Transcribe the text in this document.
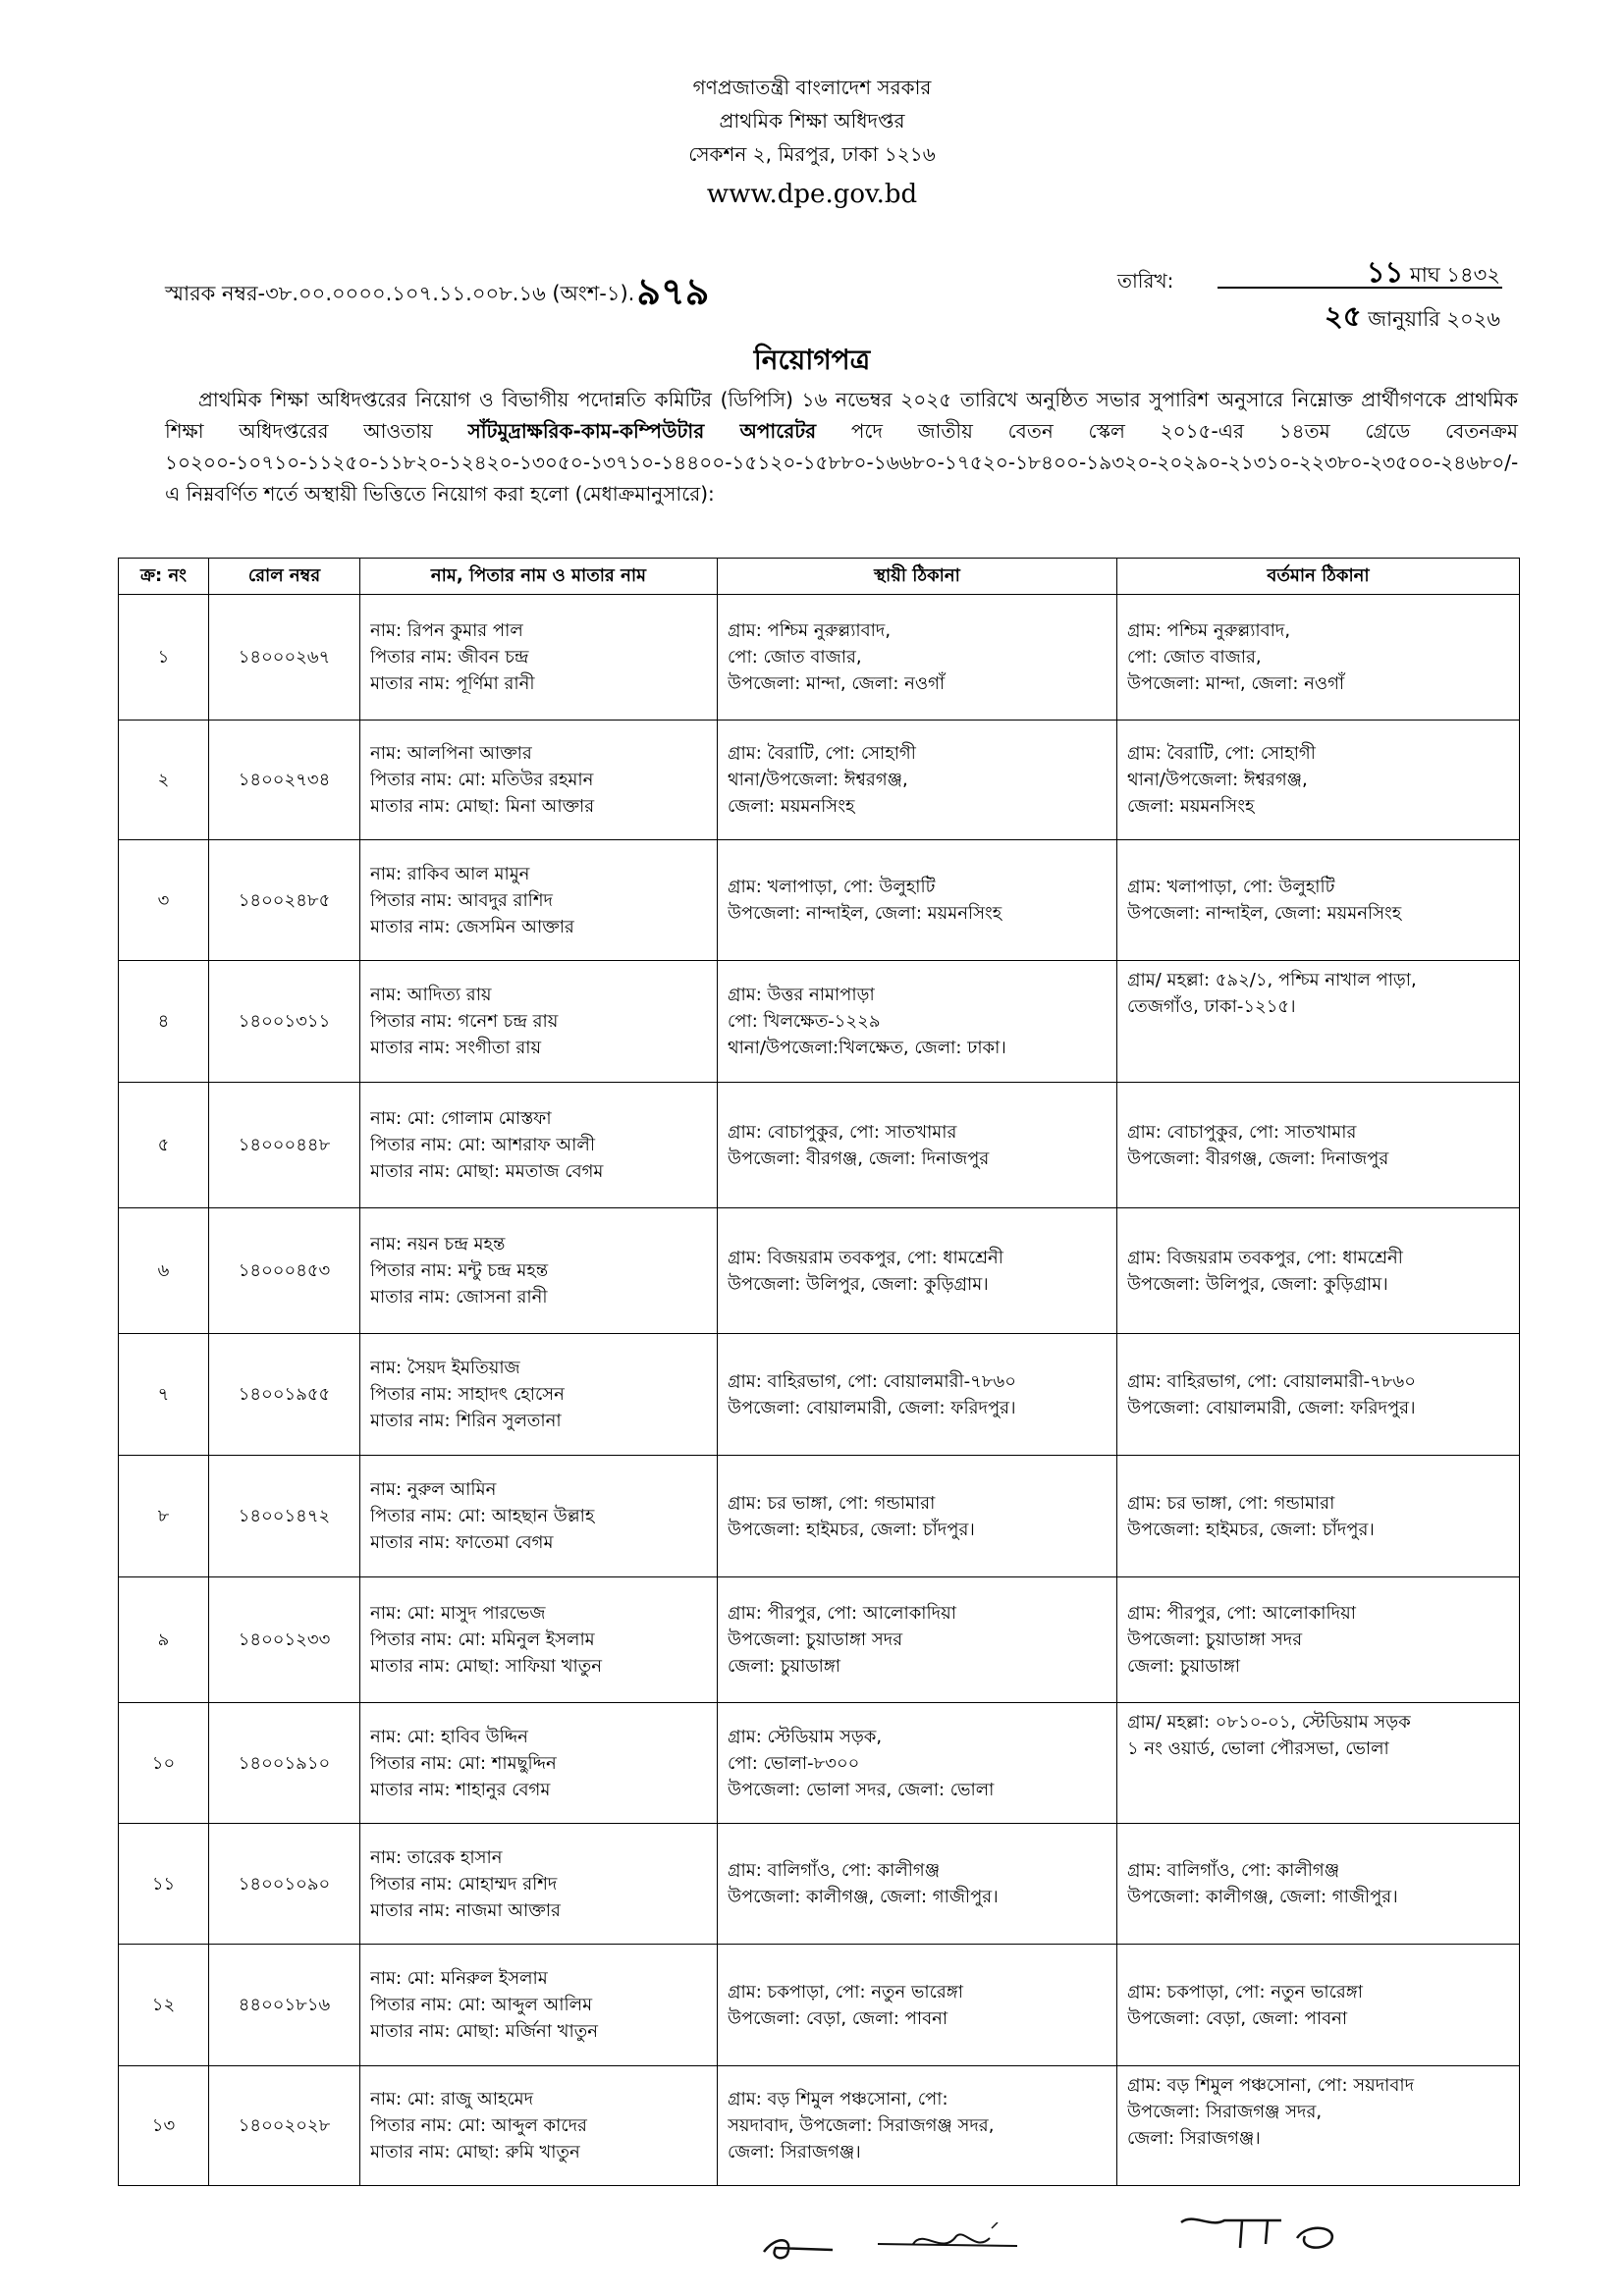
গণপ্রজাতন্ত্রী বাংলাদেশ সরকার
প্রাথমিক শিক্ষা অধিদপ্তর
সেকশন ২, মিরপুর, ঢাকা ১২১৬
www.dpe.gov.bd
স্মারক নম্বর-৩৮.০০.০০০০.১০৭.১১.০০৮.১৬ (অংশ-১).৯৭৯	তারিখ:	১১ মাঘ ১৪৩২
২৫ জানুয়ারি ২০২৬
নিয়োগপত্র
প্রাথমিক শিক্ষা অধিদপ্তরের নিয়োগ ও বিভাগীয় পদোন্নতি কমিটির (ডিপিসি) ১৬ নভেম্বর ২০২৫ তারিখে অনুষ্ঠিত সভার সুপারিশ অনুসারে নিম্নোক্ত প্রার্থীগণকে প্রাথমিক শিক্ষা অধিদপ্তরের আওতায় সাঁটমুদ্রাক্ষরিক-কাম-কম্পিউটার অপারেটর পদে জাতীয় বেতন স্কেল ২০১৫-এর ১৪তম গ্রেডে বেতনক্রম ১০২০০-১০৭১০-১১২৫০-১১৮২০-১২৪২০-১৩০৫০-১৩৭১০-১৪৪০০-১৫১২০-১৫৮৮০-১৬৬৮০-১৭৫২০-১৮৪০০-১৯৩২০-২০২৯০-২১৩১০-২২৩৮০-২৩৫০০-২৪৬৮০/-এ নিম্নবর্ণিত শর্তে অস্থায়ী ভিত্তিতে নিয়োগ করা হলো (মেধাক্রমানুসারে):
ক্র: নং	রোল নম্বর	নাম, পিতার নাম ও মাতার নাম	স্থায়ী ঠিকানা	বর্তমান ঠিকানা
১	১৪০০০২৬৭	নাম: রিপন কুমার পাল
পিতার নাম: জীবন চন্দ্র
মাতার নাম: পূর্ণিমা রানী	গ্রাম: পশ্চিম নুরুল্ল্যাবাদ,
পো: জোত বাজার,
উপজেলা: মান্দা, জেলা: নওগাঁ	গ্রাম: পশ্চিম নুরুল্ল্যাবাদ,
পো: জোত বাজার,
উপজেলা: মান্দা, জেলা: নওগাঁ

২	১৪০০২৭৩৪	নাম: আলপিনা আক্তার
পিতার নাম: মো: মতিউর রহমান
মাতার নাম: মোছা: মিনা আক্তার	গ্রাম: বৈরাটি, পো: সোহাগী
থানা/উপজেলা: ঈশ্বরগঞ্জ,
জেলা: ময়মনসিংহ	গ্রাম: বৈরাটি, পো: সোহাগী
থানা/উপজেলা: ঈশ্বরগঞ্জ,
জেলা: ময়মনসিংহ

৩	১৪০০২৪৮৫	নাম: রাকিব আল মামুন
পিতার নাম: আবদুর রাশিদ
মাতার নাম: জেসমিন আক্তার	গ্রাম: খলাপাড়া, পো: উলুহাটি
উপজেলা: নান্দাইল, জেলা: ময়মনসিংহ	গ্রাম: খলাপাড়া, পো: উলুহাটি
উপজেলা: নান্দাইল, জেলা: ময়মনসিংহ

৪	১৪০০১৩১১	নাম: আদিত্য রায়
পিতার নাম: গনেশ চন্দ্র রায়
মাতার নাম: সংগীতা রায়	গ্রাম: উত্তর নামাপাড়া
পো: খিলক্ষেত-১২২৯
থানা/উপজেলা:খিলক্ষেত, জেলা: ঢাকা।	গ্রাম/ মহল্লা: ৫৯২/১, পশ্চিম নাখাল পাড়া,
তেজগাঁও, ঢাকা-১২১৫।

৫	১৪০০০৪৪৮	নাম: মো: গোলাম মোস্তফা
পিতার নাম: মো: আশরাফ আলী
মাতার নাম: মোছা: মমতাজ বেগম	গ্রাম: বোচাপুকুর, পো: সাতখামার
উপজেলা: বীরগঞ্জ, জেলা: দিনাজপুর	গ্রাম: বোচাপুকুর, পো: সাতখামার
উপজেলা: বীরগঞ্জ, জেলা: দিনাজপুর

৬	১৪০০০৪৫৩	নাম: নয়ন চন্দ্র মহন্ত
পিতার নাম: মন্টু চন্দ্র মহন্ত
মাতার নাম: জোসনা রানী	গ্রাম: বিজয়রাম তবকপুর, পো: ধামশ্রেনী
উপজেলা: উলিপুর, জেলা: কুড়িগ্রাম।	গ্রাম: বিজয়রাম তবকপুর, পো: ধামশ্রেনী
উপজেলা: উলিপুর, জেলা: কুড়িগ্রাম।

৭	১৪০০১৯৫৫	নাম: সৈয়দ ইমতিয়াজ
পিতার নাম: সাহাদৎ হোসেন
মাতার নাম: শিরিন সুলতানা	গ্রাম: বাহিরভাগ, পো: বোয়ালমারী-৭৮৬০
উপজেলা: বোয়ালমারী, জেলা: ফরিদপুর।	গ্রাম: বাহিরভাগ, পো: বোয়ালমারী-৭৮৬০
উপজেলা: বোয়ালমারী, জেলা: ফরিদপুর।

৮	১৪০০১৪৭২	নাম: নুরুল আমিন
পিতার নাম: মো: আহছান উল্লাহ
মাতার নাম: ফাতেমা বেগম	গ্রাম: চর ভাঙ্গা, পো: গন্ডামারা
উপজেলা: হাইমচর, জেলা: চাঁদপুর।	গ্রাম: চর ভাঙ্গা, পো: গন্ডামারা
উপজেলা: হাইমচর, জেলা: চাঁদপুর।

৯	১৪০০১২৩৩	নাম: মো: মাসুদ পারভেজ
পিতার নাম: মো: মমিনুল ইসলাম
মাতার নাম: মোছা: সাফিয়া খাতুন	গ্রাম: পীরপুর, পো: আলোকাদিয়া
উপজেলা: চুয়াডাঙ্গা সদর
জেলা: চুয়াডাঙ্গা	গ্রাম: পীরপুর, পো: আলোকাদিয়া
উপজেলা: চুয়াডাঙ্গা সদর
জেলা: চুয়াডাঙ্গা

১০	১৪০০১৯১০	নাম: মো: হাবিব উদ্দিন
পিতার নাম: মো: শামছুদ্দিন
মাতার নাম: শাহানুর বেগম	গ্রাম: স্টেডিয়াম সড়ক,
পো: ভোলা-৮৩০০
উপজেলা: ভোলা সদর, জেলা: ভোলা	গ্রাম/ মহল্লা: ০৮১০-০১, স্টেডিয়াম সড়ক
১ নং ওয়ার্ড, ভোলা পৌরসভা, ভোলা

১১	১৪০০১০৯০	নাম: তারেক হাসান
পিতার নাম: মোহাম্মদ রশিদ
মাতার নাম: নাজমা আক্তার	গ্রাম: বালিগাঁও, পো: কালীগঞ্জ
উপজেলা: কালীগঞ্জ, জেলা: গাজীপুর।	গ্রাম: বালিগাঁও, পো: কালীগঞ্জ
উপজেলা: কালীগঞ্জ, জেলা: গাজীপুর।

১২	৪৪০০১৮১৬	নাম: মো: মনিরুল ইসলাম
পিতার নাম: মো: আব্দুল আলিম
মাতার নাম: মোছা: মর্জিনা খাতুন	গ্রাম: চকপাড়া, পো: নতুন ভারেঙ্গা
উপজেলা: বেড়া, জেলা: পাবনা	গ্রাম: চকপাড়া, পো: নতুন ভারেঙ্গা
উপজেলা: বেড়া, জেলা: পাবনা

১৩	১৪০০২০২৮	নাম: মো: রাজু আহমেদ
পিতার নাম: মো: আব্দুল কাদের
মাতার নাম: মোছা: রুমি খাতুন	গ্রাম: বড় শিমুল পঞ্চসোনা, পো:
সয়দাবাদ, উপজেলা: সিরাজগঞ্জ সদর,
জেলা: সিরাজগঞ্জ।	গ্রাম: বড় শিমুল পঞ্চসোনা, পো: সয়দাবাদ
উপজেলা: সিরাজগঞ্জ সদর,
জেলা: সিরাজগঞ্জ।
